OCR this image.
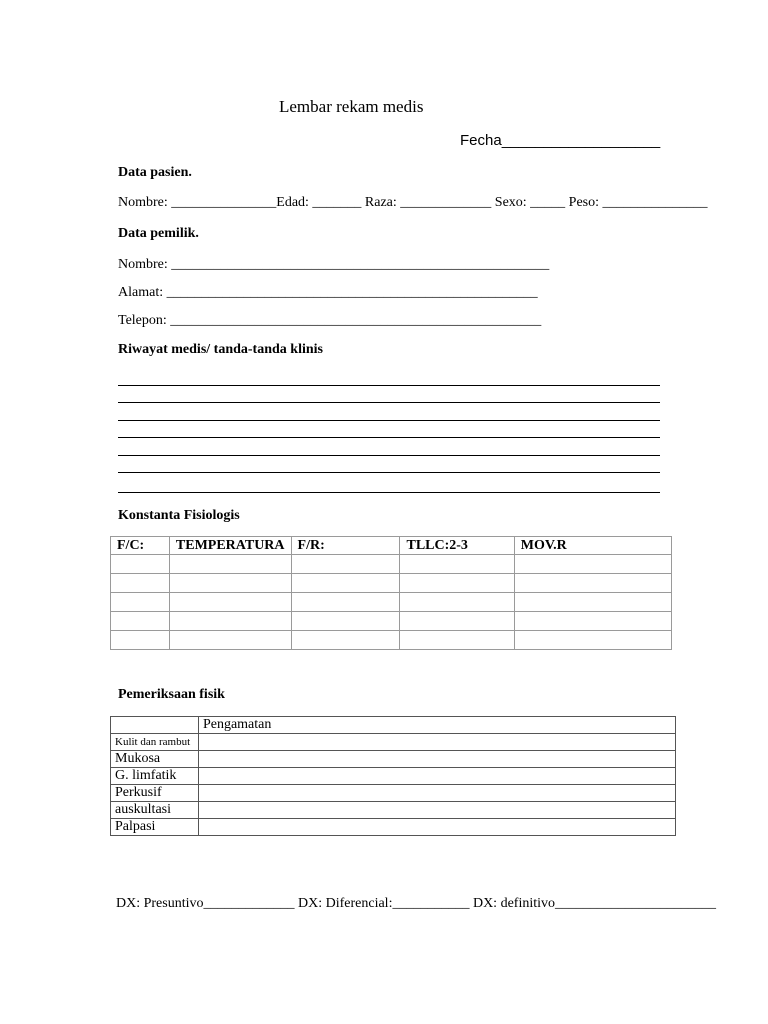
Lembar rekam medis
Fecha___________________
Data pasien.
Nombre: _______________Edad: _______ Raza: _____________ Sexo: _____ Peso: _______________
Data pemilik.
Nombre: ______________________________________________________
Alamat: _____________________________________________________
Telepon: _____________________________________________________
Riwayat medis/ tanda-tanda klinis
Konstanta Fisiologis
F/C:	TEMPERATURA	F/R:	TLLC:2-3	MOV.R

Pemeriksaan fisik
	Pengamatan
Kulit dan rambut	
Mukosa	
G. limfatik	
Perkusif	
auskultasi	
Palpasi	
DX: Presuntivo_____________ DX: Diferencial:___________ DX: definitivo_______________________
